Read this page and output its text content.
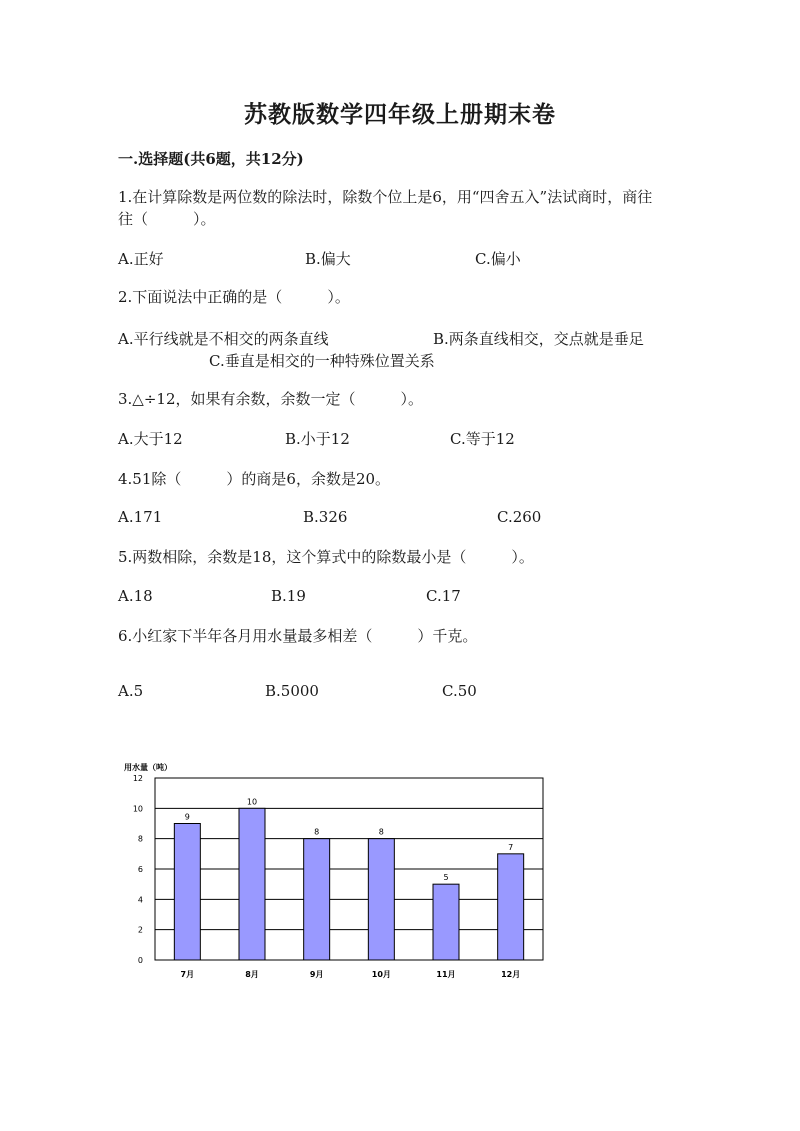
苏教版数学四年级上册期末卷
一.选择题(共6题，共12分)
1.在计算除数是两位数的除法时，除数个位上是6，用“四舍五入”法试商时，商往往（　　　）。
A.正好	B.偏大	C.偏小
2.下面说法中正确的是（　　　）。
A.平行线就是不相交的两条直线	B.两条直线相交，交点就是垂足
C.垂直是相交的一种特殊位置关系
3.△÷12，如果有余数，余数一定（　　　）。
A.大于12	B.小于12	C.等于12
4.51除（　　　）的商是6，余数是20。
A.171	B.326	C.260
5.两数相除，余数是18，这个算式中的除数最小是（　　　）。
A.18	B.19	C.17
6.小红家下半年各月用水量最多相差（　　　）千克。
A.5	B.5000	C.50
用水量（吨）
0
2
4
6
8
10
12
9
7月
10
8月
8
9月
8
10月
5
11月
7
12月
